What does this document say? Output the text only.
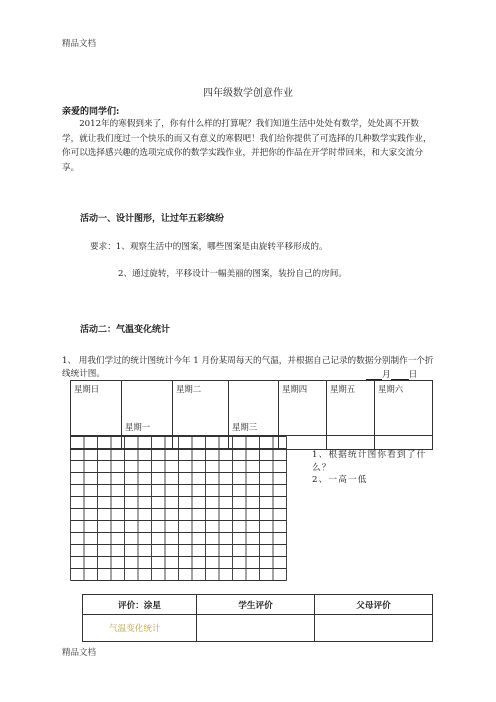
精品文档
四年级数学创意作业
亲爱的同学们:
2012年的寒假到来了，你有什么样的打算呢？我们知道生活中处处有数学，处处离不开数学，就让我们度过一个快乐的而又有意义的寒假吧！我们给你提供了可选择的几种数学实践作业，你可以选择感兴趣的选项完成你的数学实践作业，并把你的作品在开学时带回来，和大家交流分享。
活动一、设计图形，让过年五彩缤纷
要求：1、观察生活中的图案，哪些图案是由旋转平移形成的。
2、通过旋转，平移设计一幅美丽的图案，装扮自己的房间。
活动二：气温变化统计
1、 用我们学过的统计图统计今年 1 月份某周每天的气温，并根据自己记录的数据分别制作一个折线统计图。	月 日
星期日	星期一	星期二	星期三	星期四	星期五	星期六

1、根据统计图你看到了什么？
2、一高一低
评价：涂星	学生评价	父母评价
气温变化统计		
精品文档
